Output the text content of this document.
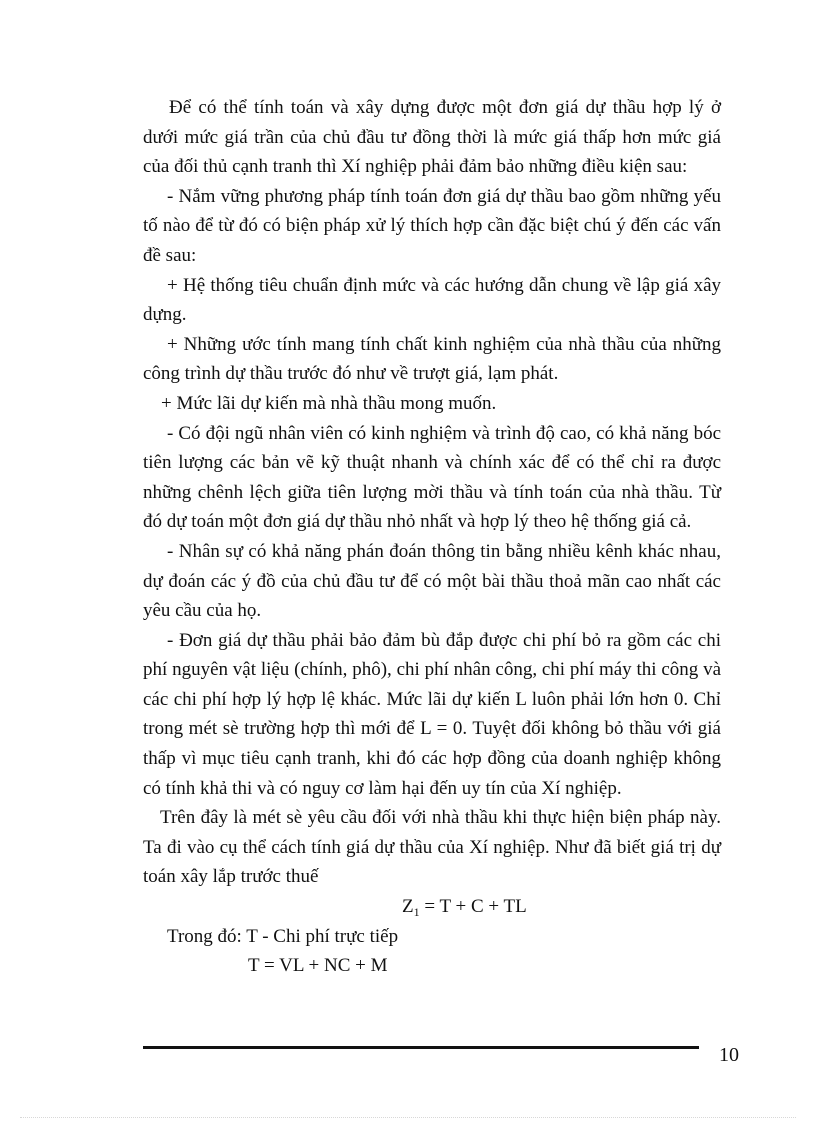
Để có thể tính toán và xây dựng được một đơn giá dự thầu hợp lý ở dưới mức giá trần của chủ đầu tư đồng thời là mức giá thấp hơn mức giá của đối thủ cạnh tranh thì Xí nghiệp phải đảm bảo những điều kiện sau:

- Nắm vững phương pháp tính toán đơn giá dự thầu bao gồm những yếu tố nào để từ đó có biện pháp xử lý thích hợp cần đặc biệt chú ý đến các vấn đề sau:

+ Hệ thống tiêu chuẩn định mức và các hướng dẫn chung về lập giá xây dựng.

+ Những ước tính mang tính chất kinh nghiệm của nhà thầu của những công trình dự thầu trước đó như về trượt giá, lạm phát.

+ Mức lãi dự kiến mà nhà thầu mong muốn.

- Có đội ngũ nhân viên có kinh nghiệm và trình độ cao, có khả năng bóc tiên lượng các bản vẽ kỹ thuật nhanh và chính xác để có thể chỉ ra được những chênh lệch giữa tiên lượng mời thầu và tính toán của nhà thầu. Từ đó dự toán một đơn giá dự thầu nhỏ nhất và hợp lý theo hệ thống giá cả.

- Nhân sự có khả năng phán đoán thông tin bằng nhiều kênh khác nhau, dự đoán các ý đồ của chủ đầu tư để có một bài thầu thoả mãn cao nhất các yêu cầu của họ.

- Đơn giá dự thầu phải bảo đảm bù đắp được chi phí bỏ ra gồm các chi phí nguyên vật liệu (chính, phô), chi phí nhân công, chi phí máy thi công và các chi phí hợp lý hợp lệ khác. Mức lãi dự kiến L luôn phải lớn hơn 0. Chỉ trong mét sè trường hợp thì mới để L = 0. Tuyệt đối không bỏ thầu với giá thấp vì mục tiêu cạnh tranh, khi đó các hợp đồng của doanh nghiệp không có tính khả thi và có nguy cơ làm hại đến uy tín của Xí nghiệp.

Trên đây là mét sè yêu cầu đối với nhà thầu khi thực hiện biện pháp này. Ta đi vào cụ thể cách tính giá dự thầu của Xí nghiệp. Như đã biết giá trị dự toán xây lắp trước thuế

$Z_1 = T + C$ + TL

Trong đó: T - Chi phí trực tiếp

T = VL + NC + M

10
